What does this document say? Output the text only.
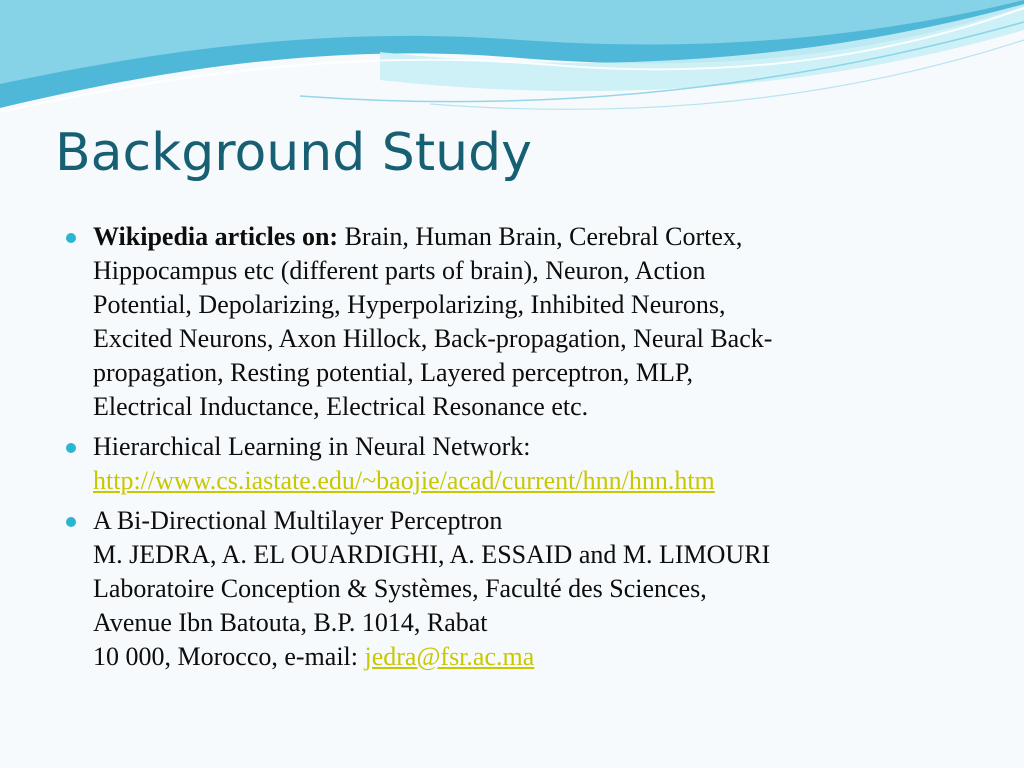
Background Study
Wikipedia articles on: Brain, Human Brain, Cerebral Cortex,
Hippocampus etc (different parts of brain), Neuron, Action
Potential, Depolarizing, Hyperpolarizing, Inhibited Neurons,
Excited Neurons, Axon Hillock, Back-propagation, Neural Back-
propagation, Resting potential, Layered perceptron, MLP,
Electrical Inductance, Electrical Resonance etc.
Hierarchical Learning in Neural Network:
http://www.cs.iastate.edu/~baojie/acad/current/hnn/hnn.htm
A Bi-Directional Multilayer Perceptron
M. JEDRA, A. EL OUARDIGHI, A. ESSAID and M. LIMOURI
Laboratoire Conception & Systèmes, Faculté des Sciences,
Avenue Ibn Batouta, B.P. 1014, Rabat
10 000, Morocco, e-mail: jedra@fsr.ac.ma
